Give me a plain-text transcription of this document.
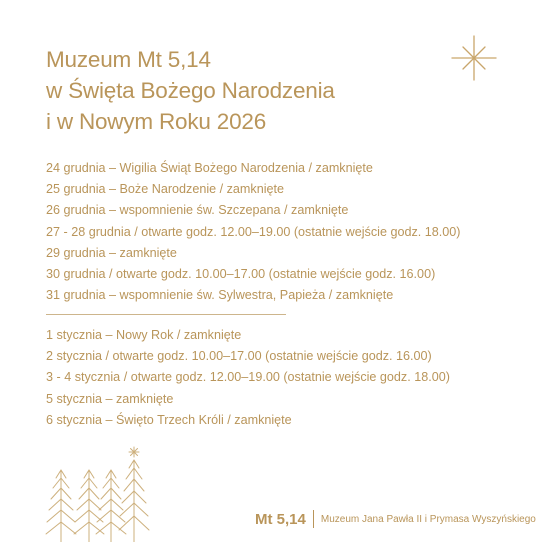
Muzeum Mt 5,14
w Święta Bożego Narodzenia
i w Nowym Roku 2026
24 grudnia – Wigilia Świąt Bożego Narodzenia / zamknięte
25 grudnia – Boże Narodzenie / zamknięte
26 grudnia – wspomnienie św. Szczepana / zamknięte
27 - 28 grudnia / otwarte godz. 12.00–19.00 (ostatnie wejście godz. 18.00)
29 grudnia – zamknięte
30 grudnia / otwarte godz. 10.00–17.00 (ostatnie wejście godz. 16.00)
31 grudnia – wspomnienie św. Sylwestra, Papieża / zamknięte
1 stycznia – Nowy Rok / zamknięte
2 stycznia / otwarte godz. 10.00–17.00 (ostatnie wejście godz. 16.00)
3 - 4 stycznia / otwarte godz. 12.00–19.00 (ostatnie wejście godz. 18.00)
5 stycznia – zamknięte
6 stycznia – Święto Trzech Króli / zamknięte
Mt 5,14 Muzeum Jana Pawła II i Prymasa Wyszyńskiego
